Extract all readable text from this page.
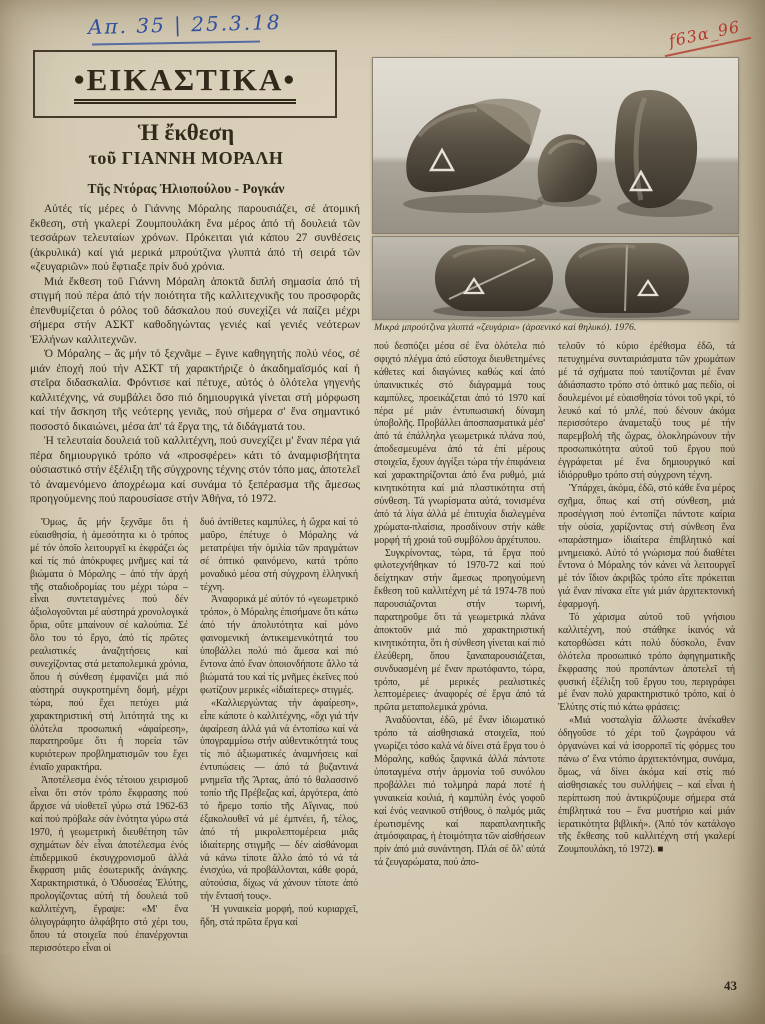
Απ. 35 | 25.3.18	f63α_96
•ΕΙΚΑΣΤΙΚΑ•

Ἡ ἔκθεση

τοῦ ΓΙΑΝΝΗ ΜΟΡΑΛΗ

Τῆς Ντόρας Ἠλιοπούλου - Ρογκάν

Αὐτές τίς μέρες ὁ Γιάννης Μόραλης παρουσιάζει, σέ ἀτομική ἔκθεση, στή γκαλερί Ζουμπουλάκη ἕνα μέρος ἀπό τή δουλειά τῶν τεσσάρων τελευταίων χρόνων. Πρόκειται γιά κάπου 27 συνθέσεις (ἀκρυλικά) καί γιά μερικά μπρούτζινα γλυπτά ἀπό τή σειρά τῶν «ζευγαριῶν» πού ἔφτιαξε πρίν δυό χρόνια.

Μιά ἔκθεση τοῦ Γιάννη Μόραλη ἀποκτᾶ διπλή σημασία ἀπό τή στιγμή πού πέρα ἀπό τήν ποιότητα τῆς καλλιτεχνικῆς του προσφορᾶς ἐπενθυμίζεται ὁ ρόλος τοῦ δάσκαλου πού συνεχίζει νά παίζει μέχρι σήμερα στήν ΑΣΚΤ καθοδηγώντας γενιές καί γενιές νεότερων Ἑλλήνων καλλιτεχνῶν.

Ὁ Μόραλης – ἄς μήν τό ξεχνᾶμε – ἔγινε καθηγητής πολύ νέος, σέ μιάν ἐποχή πού τήν ΑΣΚΤ τή χαρακτήριζε ὁ ἀκαδημαϊσμός καί ἡ στεῖρα διδασκαλία. Φρόντισε καί πέτυχε, αὐτός ὁ ὁλότελα γηγενής καλλιτέχνης, νά συμβάλει ὅσο πιό δημιουργικά γίνεται στή μόρφωση καί τήν ἄσκηση τῆς νεότερης γενιᾶς, πού σήμερα σ' ἕνα σημαντικό ποσοστό δικαιώνει, μέσα ἀπ' τά ἔργα της, τά διδάγματά του.

Ἡ τελευταία δουλειά τοῦ καλλιτέχνη, πού συνεχίζει μ' ἕναν πέρα γιά πέρα δημιουργικό τρόπο νά «προσφέρει» κάτι τό ἀναμφισβήτητα οὐσιαστικό στήν ἐξέλιξη τῆς σύγχρονης τέχνης στόν τόπο μας, ἀποτελεῖ τό ἀναμενόμενο ἀποχρέωμα καί συνάμα τό ξεπέρασμα τῆς ἄμεσως προηγούμενης πού παρουσίασε στήν Ἀθήνα, τό 1972.

Μικρά μπρούτζινα γλυπτά «ζευγάρια» (ἀρσενικό καί θηλυκό). 1976.

Ὅμως, ἄς μήν ξεχνᾶμε ὅτι ἡ εὐαισθησία, ἡ ἀμεσότητα κι ὁ τρόπος μέ τόν ὁποῖο λειτουργεῖ κι ἐκφράζει ὡς καί τίς πιό ἀπόκρυφες μνῆμες καί τά βιώματα ὁ Μόραλης – ἀπό τήν ἀρχή τῆς σταδιοδρομίας του μέχρι τώρα – εἶναι συντεταγμένες πού δέν ἀξιολογοῦνται μέ αὐστηρά χρονολογικά ὅρια, οὔτε μπαίνουν σέ καλούπια. Σέ ὅλο του τό ἔργο, ἀπό τίς πρῶτες ρεαλιστικές ἀναζητήσεις καί συνεχίζοντας στά μεταπολεμικά χρόνια, ὅπου ἡ σύνθεση ἐμφανίζει μιά πιό αὐστηρά συγκροτημένη δομή, μέχρι τώρα, πού ἔχει πετύχει μιά χαρακτηριστική στή λιτότητά της κι ὁλότελα προσωπική «ἀφαίρεση», παρατηροῦμε ὅτι ἡ πορεία τῶν κυριότερων προβληματισμῶν του ἔχει ἑνιαῖο χαρακτήρα.

Ἀποτέλεσμα ἑνός τέτοιου χειρισμοῦ εἶναι ὅτι στόν τρόπο ἔκφρασης πού ἄρχισε νά υἱοθετεῖ γύρω στά 1962-63 καί πού πρόβαλε σάν ἑνότητα γύρω στά 1970, ἡ γεωμετρική διευθέτηση τῶν σχημάτων δέν εἶναι ἀποτέλεσμα ἑνός ἐπιδερμικοῦ ἐκσυγχρονισμοῦ ἀλλά ἔκφραση μιᾶς ἐσωτερικῆς ἀνάγκης. Χαρακτηριστικά, ὁ Ὀδυσσέας Ἐλύτης, προλογίζοντας αὐτή τή δουλειά τοῦ καλλιτέχνη, ἔγραψε: «Μ' ἕνα ὀλιγογράφητο ἀλφάβητο στό χέρι του, ὅπου τά στοιχεῖα πού ἐπανέρχονται περισσότερο εἶναι οἱ

δυό ἀντίθετες καμπύλες, ἡ ὤχρα καί τό μαῦρο, ἐπέτυχε ὁ Μόραλης νά μετατρέψει τήν ὁμιλία τῶν πραγμάτων σέ ὀπτικό φαινόμενο, κατά τρόπο μοναδικό μέσα στή σύγχρονη ἑλληνική τέχνη.

Ἀναφορικά μέ αὐτόν τό «γεωμετρικό τρόπο», ὁ Μόραλης ἐπισήμανε ὅτι κάτω ἀπό τήν ἀπολυτότητα καί μόνο φαινομενική ἀντικειμενικότητά του ὑποβάλλει πολύ πιό ἄμεσα καί πιό ἔντονα ἀπό ἕναν ὁποιονδήποτε ἄλλο τά βιώματά του καί τίς μνῆμες ἐκεῖνες πού φωτίζουν μερικές «ἰδιαίτερες» στιγμές.

«Καλλιεργώντας τήν ἀφαίρεση», εἶπε κάποτε ὁ καλλιτέχνης, «ὄχι γιά τήν ἀφαίρεση ἀλλά γιά νά ἐντοπίσω καί νά ὑπογραμμίσω στήν αὐθεντικότητά τους τίς πιό ἀξιωματικές ἀναμνήσεις καί ἐντυπώσεις — ἀπό τά βυζαντινά μνημεῖα τῆς Ἄρτας, ἀπό τό θαλασσινό τοπίο τῆς Πρέβεζας καί, ἀργότερα, ἀπό τό ἤρεμο τοπίο τῆς Αἴγινας, πού ἐξακολουθεῖ νά μέ ἐμπνέει, ἤ, τέλος, ἀπό τή μικρολεπτομέρεια μιᾶς ἰδιαίτερης στιγμῆς — δέν αἰσθάνομαι νά κάνω τίποτε ἄλλο ἀπό τό νά τά ἐνισχύω, νά προβάλλονται, κάθε φορά, αὐτούσια, δίχως νά χάνουν τίποτε ἀπό τήν ἔντασή τους».

Ἡ γυναικεία μορφή, πού κυριαρχεῖ, ἤδη, στά πρῶτα ἔργα καί

πού δεσπόζει μέσα σέ ἕνα ὁλότελα πιό σφιχτό πλέγμα ἀπό εὔστοχα διευθετημένες κάθετες καί διαγώνιες καθώς καί ἀπό ὑπαινικτικές στό διάγραμμά τους καμπύλες, προεικάζεται ἀπό τό 1970 καί πέρα μέ μιάν ἐντυπωσιακή δύναμη ὑποβολῆς. Προβάλλει ἀποσπασματικά μέσ' ἀπό τά ἐπάλληλα γεωμετρικά πλάνα πού, ἀποδεσμευμένα ἀπό τά ἐπί μέρους στοιχεῖα, ἔχουν ἀγγίξει τώρα τήν ἐπιφάνεια καί χαρακτηρίζονται ἀπό ἕνα ρυθμό, μιά κινητικότητα καί μιά πλαστικότητα στή σύνθεση. Τά γνωρίσματα αὐτά, τονισμένα ἀπό τά λίγα ἀλλά μέ ἐπιτυχία διαλεγμένα χρώματα-πλαίσια, προσδίνουν στήν κάθε μορφή τή χροιά τοῦ συμβόλου ἀρχέτυπου.

Συγκρίνοντας, τώρα, τά ἔργα πού φιλοτεχνήθηκαν τό 1970-72 καί πού δείχτηκαν στήν ἄμεσως προηγούμενη ἔκθεση τοῦ καλλιτέχνη μέ τά 1974-78 πού παρουσιάζονται στήν τωρινή, παρατηροῦμε ὅτι τά γεωμετρικά πλάνα ἀποκτοῦν μιά πιό χαρακτηριστική κινητικότητα, ὅτι ἡ σύνθεση γίνεται καί πιό ἐλεύθερη, ὅπου ξαναπαρουσιάζεται, συνδυασμένη μέ ἕναν πρωτόφαντο, τώρα, τρόπο, μέ μερικές ρεαλιστικές λεπτομέρειες· ἀναφορές σέ ἔργα ἀπό τά πρῶτα μεταπολεμικά χρόνια.

Ἀναδύονται, ἐδῶ, μέ ἕναν ἰδιωματικό τρόπο τά αἰσθησιακά στοιχεῖα, πού γνωρίζει τόσο καλά νά δίνει στά ἔργα του ὁ Μόραλης, καθώς ξαφνικά ἀλλά πάντοτε ὑποταγμένα στήν ἁρμονία τοῦ συνόλου προβάλλει πιό τολμηρά παρά ποτέ ἡ γυναικεία κοιλιά, ἡ καμπύλη ἑνός γοφοῦ καί ἑνός νεανικοῦ στήθους, ὁ παλμός μιᾶς ἐρωτισμένης καί παραπλανητικῆς ἀτμόσφαιρας, ἡ ἑτοιμότητα τῶν αἰσθήσεων πρίν ἀπό μιά συνάντηση. Πλάι σέ ὅλ' αὐτά τά ζευγαρώματα, πού ἀπο-

τελοῦν τό κύριο ἐρέθισμα ἐδῶ, τά πετυχημένα συνταιριάσματα τῶν χρωμάτων μέ τά σχήματα πού ταυτίζονται μέ ἕναν ἀδιάσπαστο τρόπο στό ὀπτικό μας πεδίο, οἱ δουλεμένοι μέ εὐαισθησία τόνοι τοῦ γκρί, τό λευκό καί τό μπλέ, πού δένουν ἀκόμα περισσότερο ἀναμεταξύ τους μέ τήν παρεμβολή τῆς ὤχρας, ὁλοκληρώνουν τήν προσωπικότητα αὐτοῦ τοῦ ἔργου πού ἐγγράφεται μέ ἕνα δημιουργικό καί ἰδιόρρυθμο τρόπο στή σύγχρονη τέχνη.

Ὑπάρχει, ἀκόμα, ἐδῶ, στό κάθε ἕνα μέρος σχῆμα, ὅπως καί στή σύνθεση, μιά προσέγγιση πού ἐντοπίζει πάντοτε καίρια τήν οὐσία, χαρίζοντας στή σύνθεση ἕνα «παράστημα» ἰδιαίτερα ἐπιβλητικό καί μνημειακό. Αὐτό τό γνώρισμα πού διαθέτει ἔντονα ὁ Μόραλης τόν κάνει νά λειτουργεῖ μέ τόν ἴδιον ἀκριβῶς τρόπο εἴτε πρόκειται γιά ἕναν πίνακα εἴτε γιά μιάν ἀρχιτεκτονική ἐφαρμογή.

Τό χάρισμα αὐτοῦ τοῦ γνήσιου καλλιτέχνη, πού στάθηκε ἱκανός νά κατορθώσει κάτι πολύ δύσκολο, ἕναν ὁλότελα προσωπικό τρόπο ἀφηγηματικῆς ἔκφρασης πού προπάντων ἀποτελεῖ τή φυσική ἐξέλιξη τοῦ ἔργου του, περιγράφει μέ ἕναν πολύ χαρακτηριστικό τρόπο, καί ὁ Ἐλύτης στίς πιό κάτω φράσεις:

«Μιά νοσταλγία ἄλλωστε ἀνέκαθεν ὁδηγοῦσε τό χέρι τοῦ ζωγράφου νά ὀργανώνει καί νά ἰσορροπεῖ τίς φόρμες του πάνω σ' ἕνα ντόπιο ἀρχιτεκτόνημα, συνάμα, ὅμως, νά δίνει ἀκόμα καί στίς πιό αἰσθησιακές του συλλήψεις – καί εἶναι ἡ περίπτωση πού ἀντικρύζουμε σήμερα στά ἐπιβλητικά του – ἕνα μυστήριο καί μιάν ἱερατικότητα βιβλική». (Ἀπό τόν κατάλογο τῆς ἔκθεσης τοῦ καλλιτέχνη στή γκαλερί Ζουμπουλάκη, τό 1972). ■

43
